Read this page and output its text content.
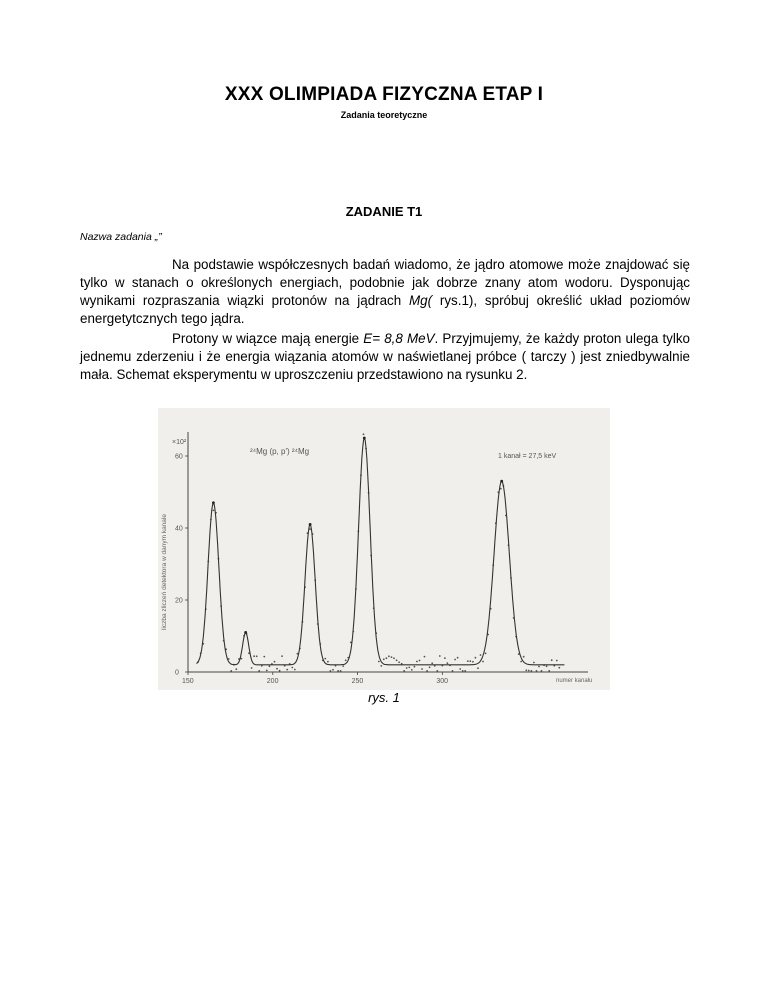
XXX OLIMPIADA FIZYCZNA ETAP I
Zadania teoretyczne
ZADANIE T1
Nazwa zadania „”

Na podstawie współczesnych badań wiadomo, że jądro atomowe może znajdować się tylko w stanach o określonych energiach, podobnie jak dobrze znany atom wodoru. Dysponując wynikami rozpraszania wiązki protonów na jądrach Mg( rys.1), spróbuj określić układ poziomów energetytcznych tego jądra.

Protony w wiązce mają energie E= 8,8 MeV. Przyjmujemy, że każdy proton ulega tylko jednemu zderzeniu i że energia wiązania atomów w naświetlanej próbce ( tarczy ) jest zniedbywalnie mała. Schemat eksperymentu w uproszczeniu przedstawiono na rysunku 2.

²⁴Mg (p, p') ²⁴Mg
1 kanał = 27,5 keV
×10²
liczba zliczeń detektora w danym kanale
numer kanału
150	200	250	300
0
20
40
60
rys. 1
